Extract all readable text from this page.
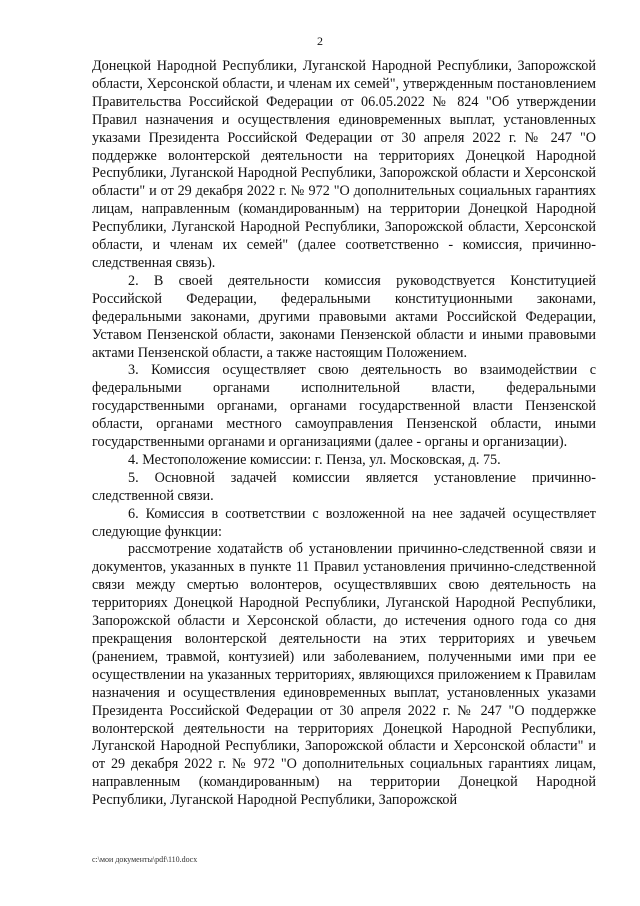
2

Донецкой Народной Республики, Луганской Народной Республики, Запорожской области, Херсонской области, и членам их семей", утвержденным постановлением Правительства Российской Федерации от 06.05.2022 № 824 "Об утверждении Правил назначения и осуществления единовременных выплат, установленных указами Президента Российской Федерации от 30 апреля 2022 г. № 247 "О поддержке волонтерской деятельности на территориях Донецкой Народной Республики, Луганской Народной Республики, Запорожской области и Херсонской области" и от 29 декабря 2022 г. № 972 "О дополнительных социальных гарантиях лицам, направленным (командированным) на территории Донецкой Народной Республики, Луганской Народной Республики, Запорожской области, Херсонской области, и членам их семей" (далее соответственно - комиссия, причинно-следственная связь).

2. В своей деятельности комиссия руководствуется Конституцией Российской Федерации, федеральными конституционными законами, федеральными законами, другими правовыми актами Российской Федерации, Уставом Пензенской области, законами Пензенской области и иными правовыми актами Пензенской области, а также настоящим Положением.

3. Комиссия осуществляет свою деятельность во взаимодействии с федеральными органами исполнительной власти, федеральными государственными органами, органами государственной власти Пензенской области, органами местного самоуправления Пензенской области, иными государственными органами и организациями (далее - органы и организации).

4. Местоположение комиссии: г. Пенза, ул. Московская, д. 75.

5. Основной задачей комиссии является установление причинно-следственной связи.

6. Комиссия в соответствии с возложенной на нее задачей осуществляет следующие функции:

рассмотрение ходатайств об установлении причинно-следственной связи и документов, указанных в пункте 11 Правил установления причинно-следственной связи между смертью волонтеров, осуществлявших свою деятельность на территориях Донецкой Народной Республики, Луганской Народной Республики, Запорожской области и Херсонской области, до истечения одного года со дня прекращения волонтерской деятельности на этих территориях и увечьем (ранением, травмой, контузией) или заболеванием, полученными ими при ее осуществлении на указанных территориях, являющихся приложением к Правилам назначения и осуществления единовременных выплат, установленных указами Президента Российской Федерации от 30 апреля 2022 г. № 247 "О поддержке волонтерской деятельности на территориях Донецкой Народной Республики, Луганской Народной Республики, Запорожской области и Херсонской области" и от 29 декабря 2022 г. № 972 "О дополнительных социальных гарантиях лицам, направленным (командированным) на территории Донецкой Народной Республики, Луганской Народной Республики, Запорожской

c:\мои документы\pdf\110.docx
